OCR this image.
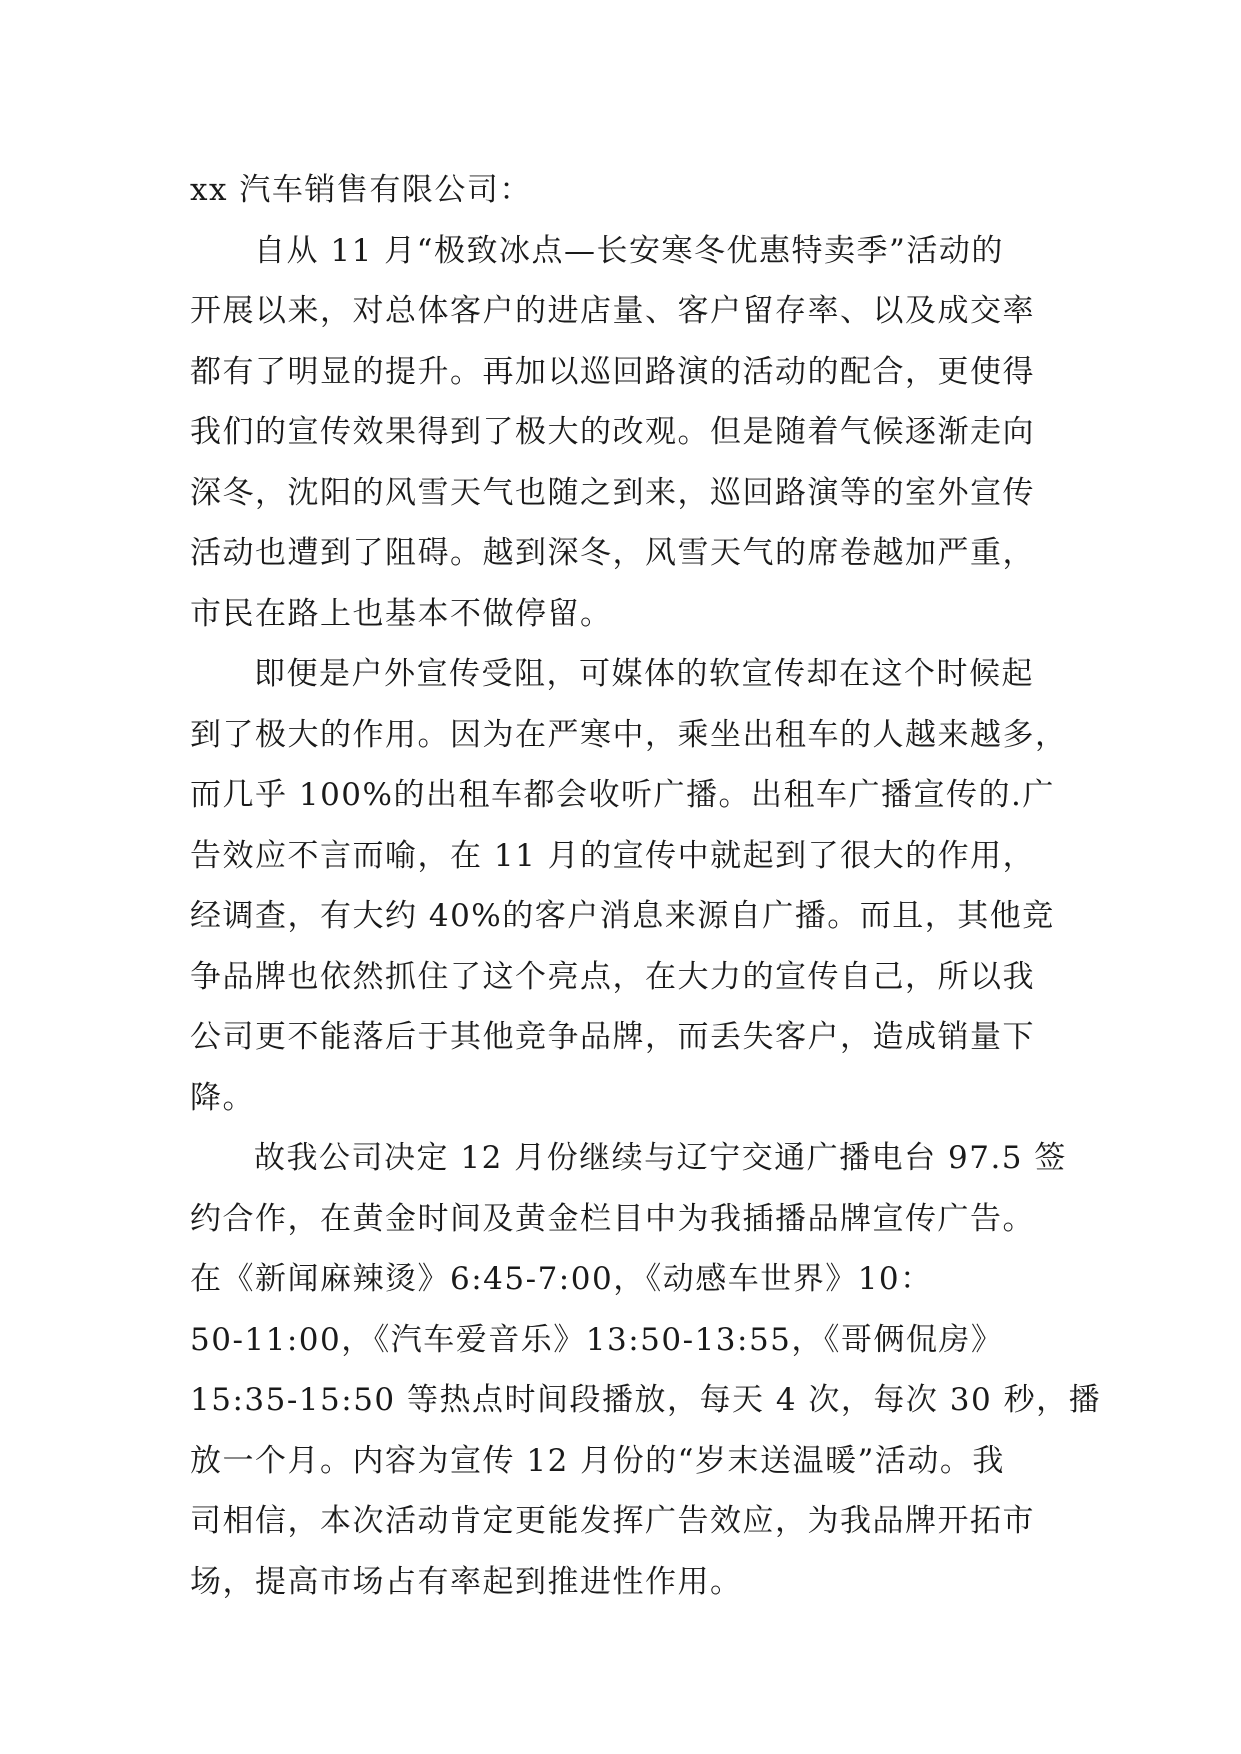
xx 汽车销售有限公司：
自从 11 月“极致冰点—长安寒冬优惠特卖季”活动的
开展以来，对总体客户的进店量、客户留存率、以及成交率
都有了明显的提升。再加以巡回路演的活动的配合，更使得
我们的宣传效果得到了极大的改观。但是随着气候逐渐走向
深冬，沈阳的风雪天气也随之到来，巡回路演等的室外宣传
活动也遭到了阻碍。越到深冬，风雪天气的席卷越加严重，
市民在路上也基本不做停留。
即便是户外宣传受阻，可媒体的软宣传却在这个时候起
到了极大的作用。因为在严寒中，乘坐出租车的人越来越多，
而几乎 100%的出租车都会收听广播。出租车广播宣传的.广
告效应不言而喻，在 11 月的宣传中就起到了很大的作用，
经调查，有大约 40%的客户消息来源自广播。而且，其他竞
争品牌也依然抓住了这个亮点，在大力的宣传自己，所以我
公司更不能落后于其他竞争品牌，而丢失客户，造成销量下
降。
故我公司决定 12 月份继续与辽宁交通广播电台 97.5 签
约合作，在黄金时间及黄金栏目中为我插播品牌宣传广告。
在《新闻麻辣烫》6:45-7:00，《动感车世界》10：
50-11:00，《汽车爱音乐》13:50-13:55，《哥俩侃房》
15:35-15:50 等热点时间段播放，每天 4 次，每次 30 秒，播
放一个月。内容为宣传 12 月份的“岁末送温暖”活动。我
司相信，本次活动肯定更能发挥广告效应，为我品牌开拓市
场，提高市场占有率起到推进性作用。
